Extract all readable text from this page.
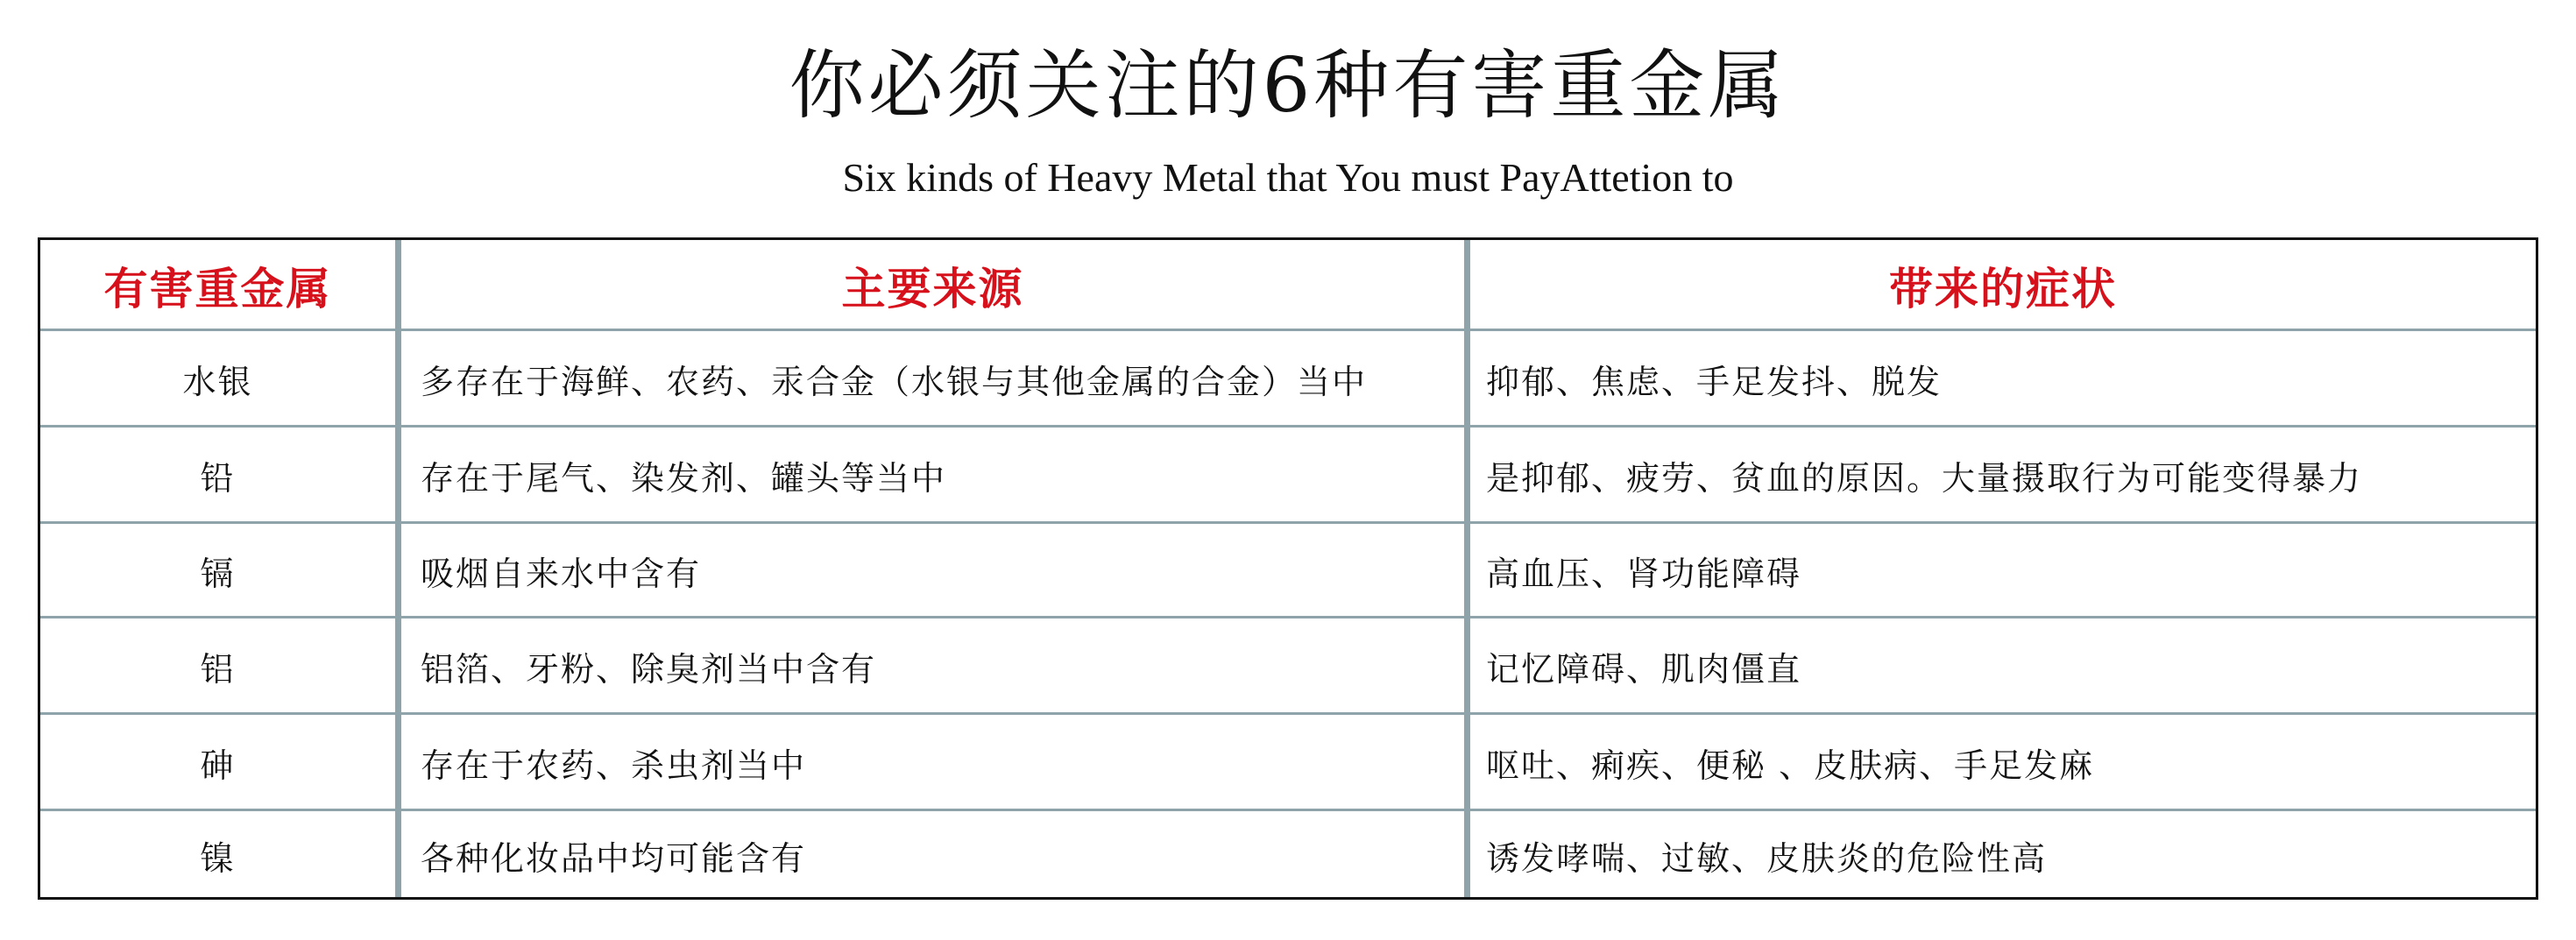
你必须关注的6种有害重金属
Six kinds of Heavy Metal that You must PayAttetion to
有害重金属	主要来源	带来的症状
水银	多存在于海鲜、农药、汞合金（水银与其他金属的合金）当中	抑郁、焦虑、手足发抖、脱发
铅	存在于尾气、染发剂、罐头等当中	是抑郁、疲劳、贫血的原因。大量摄取行为可能变得暴力
镉	吸烟自来水中含有	高血压、肾功能障碍
铝	铝箔、牙粉、除臭剂当中含有	记忆障碍、肌肉僵直
砷	存在于农药、杀虫剂当中	呕吐、痢疾、便秘 、皮肤病、手足发麻
镍	各种化妆品中均可能含有	诱发哮喘、过敏、皮肤炎的危险性高
